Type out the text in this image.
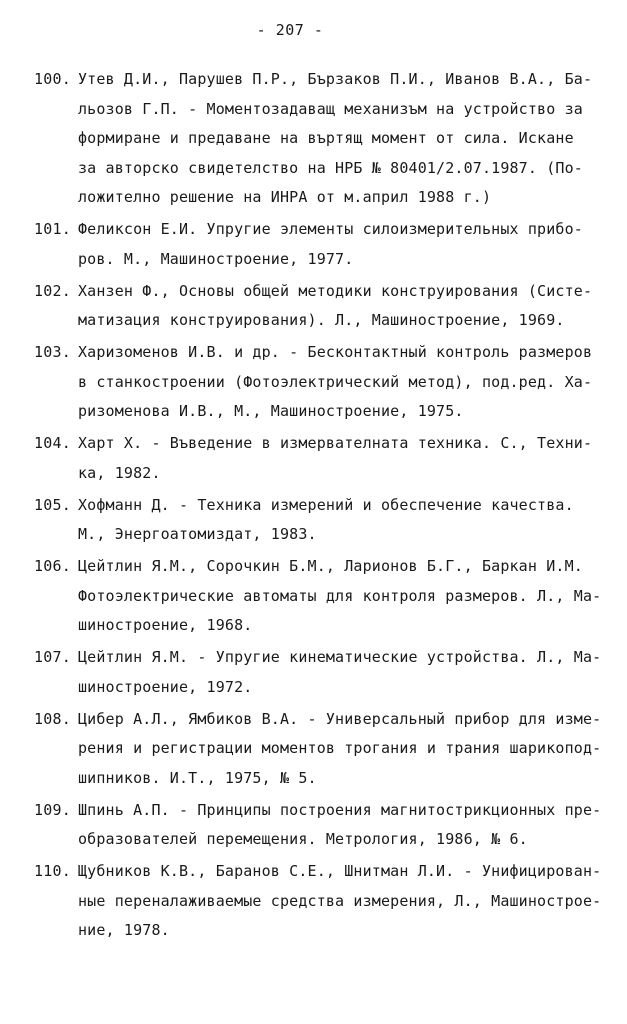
- 207 -
100. Утев Д.И., Парушев П.Р., Бързаков П.И., Иванов В.А., Ба-
льозов Г.П. - Моментозадаващ механизъм на устройство за
формиране и предаване на въртящ момент от сила. Искане
за авторско свидетелство на НРБ № 80401/2.07.1987. (По-
ложително решение на ИНРА от м.април 1988 г.)
101. Феликсон Е.И. Упругие элементы силоизмерительных прибо-
ров. М., Машиностроение, 1977.
102. Ханзен Ф., Основы общей методики конструирования (Систе-
матизация конструирования). Л., Машиностроение, 1969.
103. Харизоменов И.В. и др. - Бесконтактный контроль размеров
в станкостроении (Фотоэлектрический метод), под.ред. Ха-
ризоменова И.В., М., Машиностроение, 1975.
104. Харт Х. - Въведение в измервателната техника. С., Техни-
ка, 1982.
105. Хофманн Д. - Техника измерений и обеспечение качества.
М., Энергоатомиздат, 1983.
106. Цейтлин Я.М., Сорочкин Б.М., Ларионов Б.Г., Баркан И.М.
Фотоэлектрические автоматы для контроля размеров. Л., Ма-
шиностроение, 1968.
107. Цейтлин Я.М. - Упругие кинематические устройства. Л., Ма-
шиностроение, 1972.
108. Цибер А.Л., Ямбиков В.А. - Универсальный прибор для изме-
рения и регистрации моментов трогания и трания шарикопод-
шипников. И.Т., 1975, № 5.
109. Шпинь А.П. - Принципы построения магнитострикционных пре-
образователей перемещения. Метрология, 1986, № 6.
110. Щубников К.В., Баранов С.Е., Шнитман Л.И. - Унифицирован-
ные переналаживаемые средства измерения, Л., Машинострое-
ние, 1978.
